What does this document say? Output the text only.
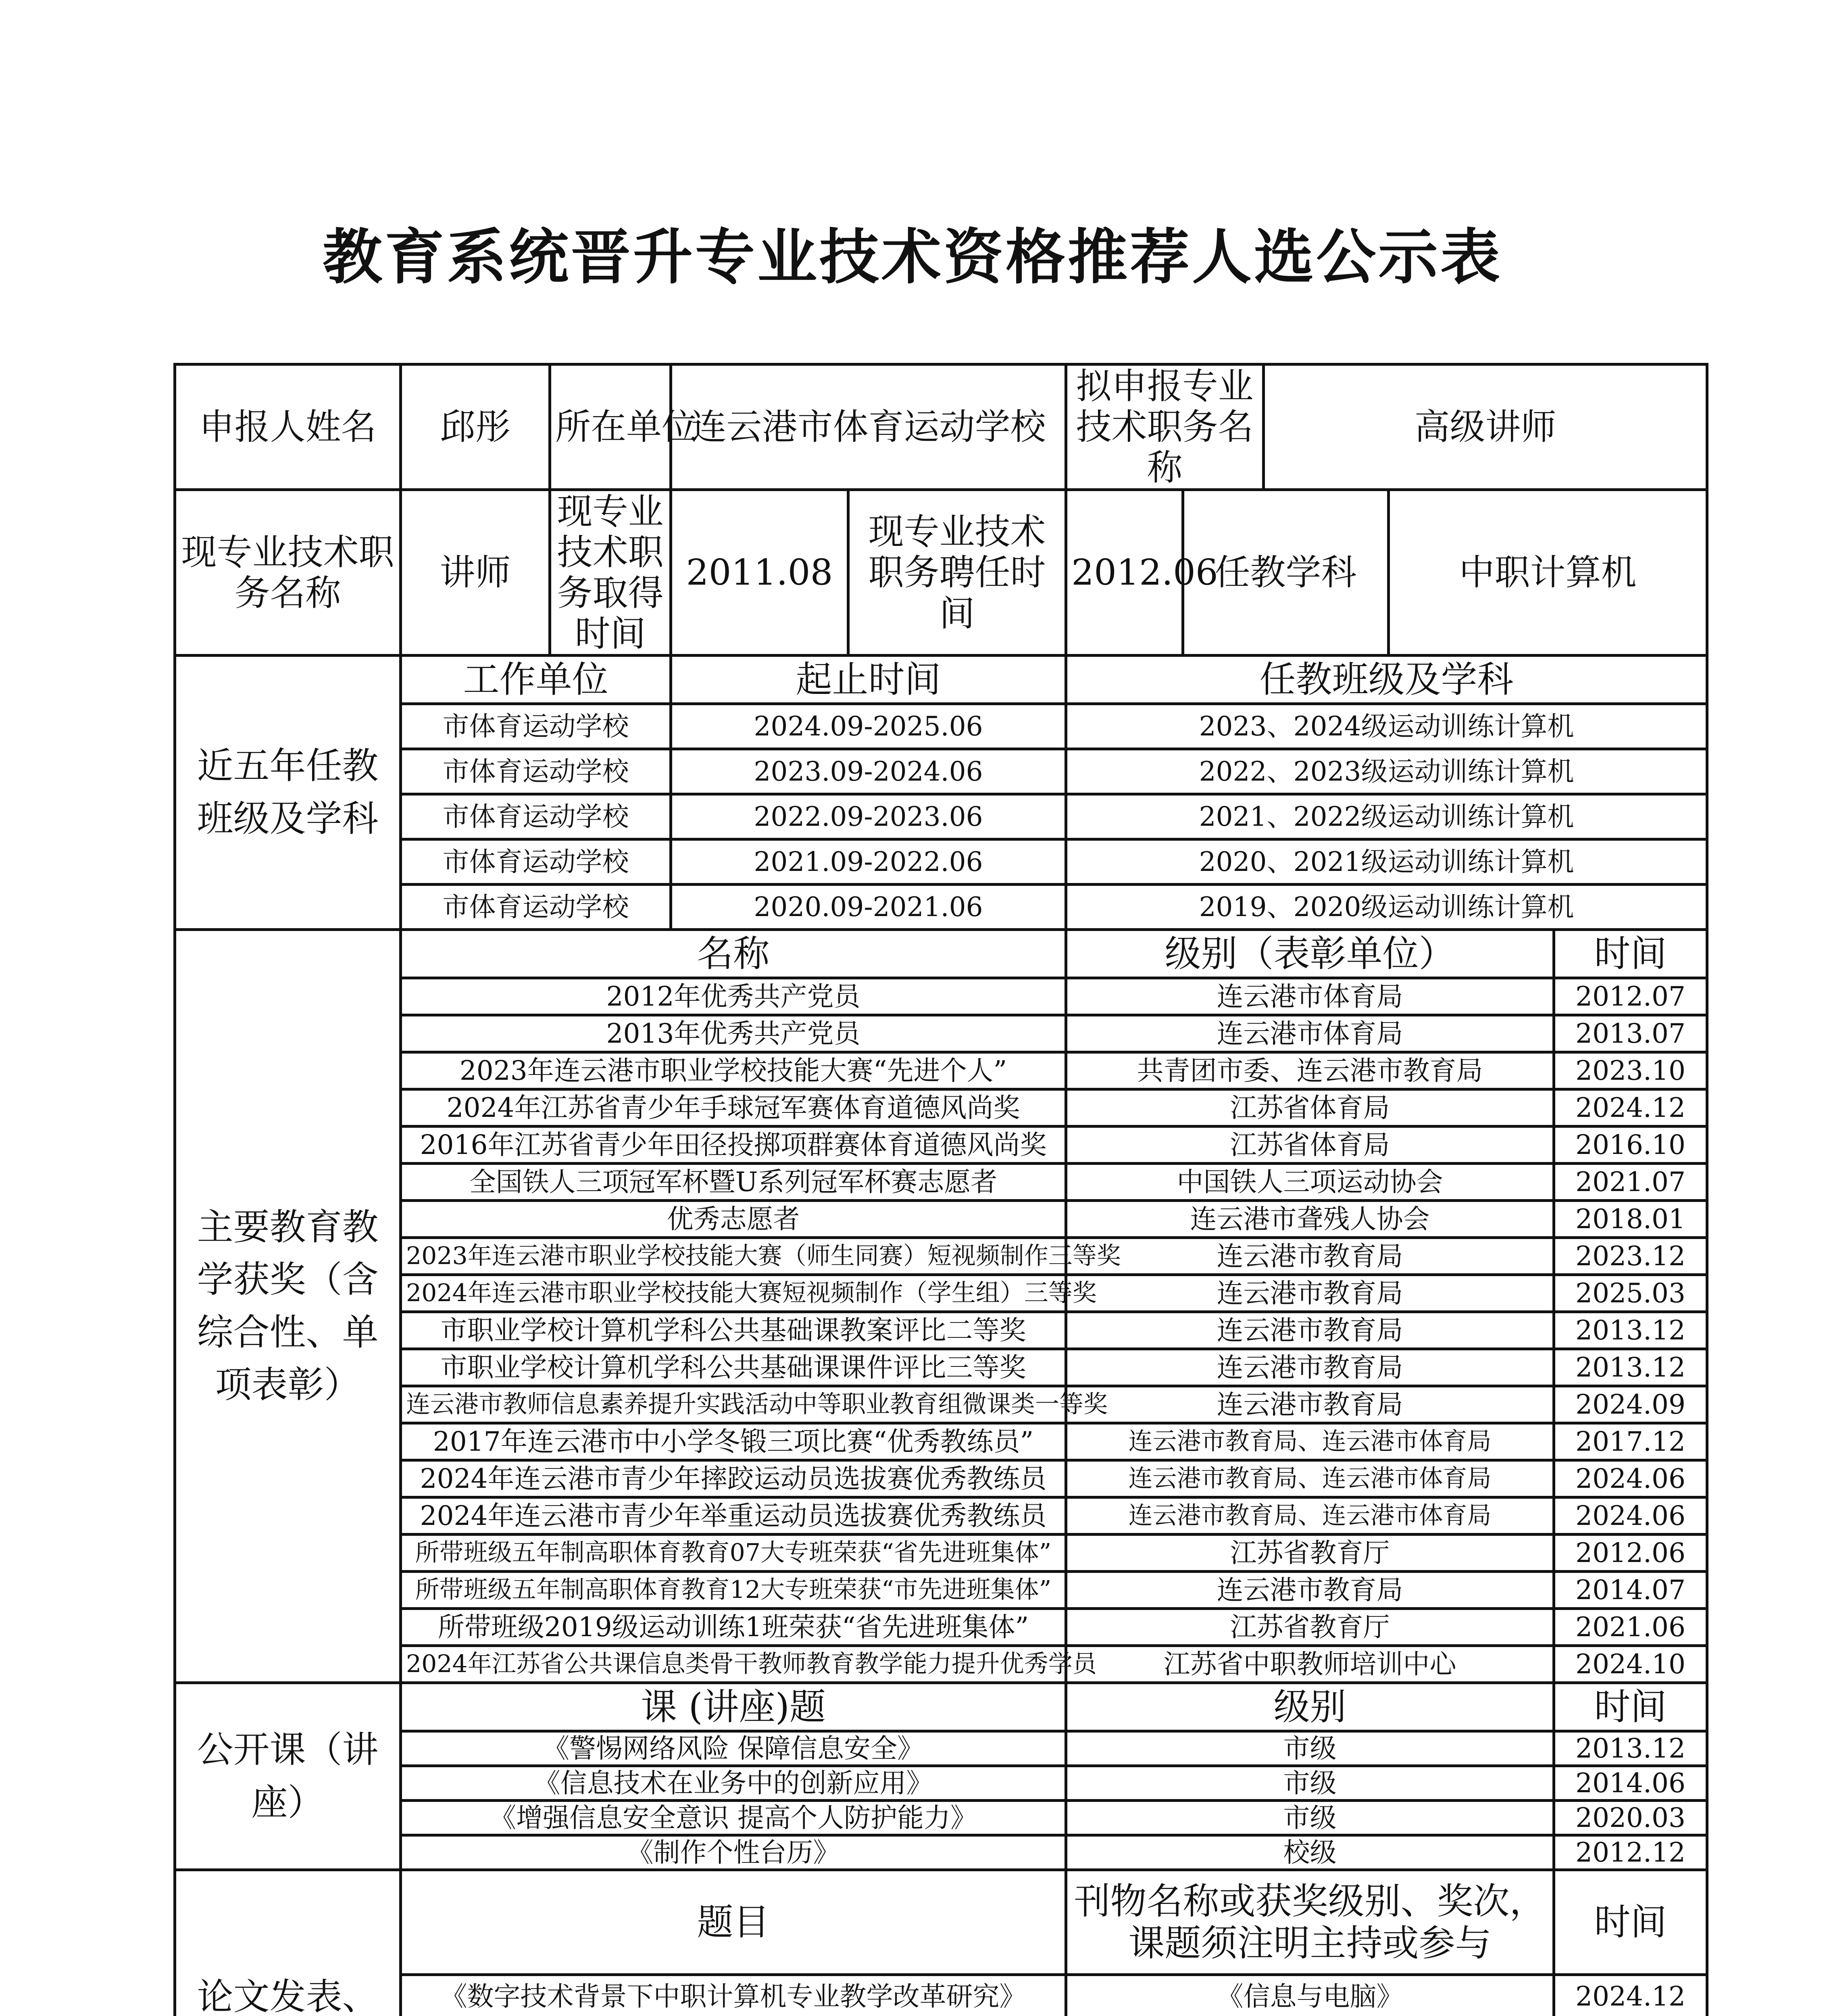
教育系统晋升专业技术资格推荐人选公示表
申报人姓名	邱彤	所在单位	连云港市体育运动学校		拟申报专业技术职务名称		高级讲师		
现专业技术职务名称	讲师	现专业技术职务取得时间	2011.08	现专业技术职务聘任时间	2012.06	任教学科		中职计算机	
近五年任教班级及学科	工作单位		起止时间		任教班级及学科				
	市体育运动学校		2024.09-2025.06		2023、2024级运动训练计算机				
	市体育运动学校		2023.09-2024.06		2022、2023级运动训练计算机				
	市体育运动学校		2022.09-2023.06		2021、2022级运动训练计算机				
	市体育运动学校		2021.09-2022.06		2020、2021级运动训练计算机				
	市体育运动学校		2020.09-2021.06		2019、2020级运动训练计算机				
主要教育教学获奖（含综合性、单项表彰）	名称				级别（表彰单位）				时间
	2012年优秀共产党员				连云港市体育局				2012.07
	2013年优秀共产党员				连云港市体育局				2013.07
	2023年连云港市职业学校技能大赛“先进个人”				共青团市委、连云港市教育局				2023.10
	2024年江苏省青少年手球冠军赛体育道德风尚奖				江苏省体育局				2024.12
	2016年江苏省青少年田径投掷项群赛体育道德风尚奖				江苏省体育局				2016.10
	全国铁人三项冠军杯暨U系列冠军杯赛志愿者				中国铁人三项运动协会				2021.07
	优秀志愿者				连云港市聋残人协会				2018.01
	2023年连云港市职业学校技能大赛（师生同赛）短视频制作三等奖				连云港市教育局				2023.12
	2024年连云港市职业学校技能大赛短视频制作（学生组）三等奖				连云港市教育局				2025.03
	市职业学校计算机学科公共基础课教案评比二等奖				连云港市教育局				2013.12
	市职业学校计算机学科公共基础课课件评比三等奖				连云港市教育局				2013.12
	连云港市教师信息素养提升实践活动中等职业教育组微课类一等奖				连云港市教育局				2024.09
	2017年连云港市中小学冬锻三项比赛“优秀教练员”				连云港市教育局、连云港市体育局				2017.12
	2024年连云港市青少年摔跤运动员选拔赛优秀教练员				连云港市教育局、连云港市体育局				2024.06
	2024年连云港市青少年举重运动员选拔赛优秀教练员				连云港市教育局、连云港市体育局				2024.06
	所带班级五年制高职体育教育07大专班荣获“省先进班集体”				江苏省教育厅				2012.06
	所带班级五年制高职体育教育12大专班荣获“市先进班集体”				连云港市教育局				2014.07
	所带班级2019级运动训练1班荣获“省先进班集体”				江苏省教育厅				2021.06
	2024年江苏省公共课信息类骨干教师教育教学能力提升优秀学员				江苏省中职教师培训中心				2024.10
公开课（讲座）	课 (讲座)题				级别				时间
	《警惕网络风险 保障信息安全》				市级				2013.12
	《信息技术在业务中的创新应用》				市级				2014.06
	《增强信息安全意识 提高个人防护能力》				市级				2020.03
	《制作个性台历》				校级				2012.12
论文发表、	题目				刊物名称或获奖级别、奖次，课题须注明主持或参与				时间
	《数字技术背景下中职计算机专业教学改革研究》				《信息与电脑》				2024.12
